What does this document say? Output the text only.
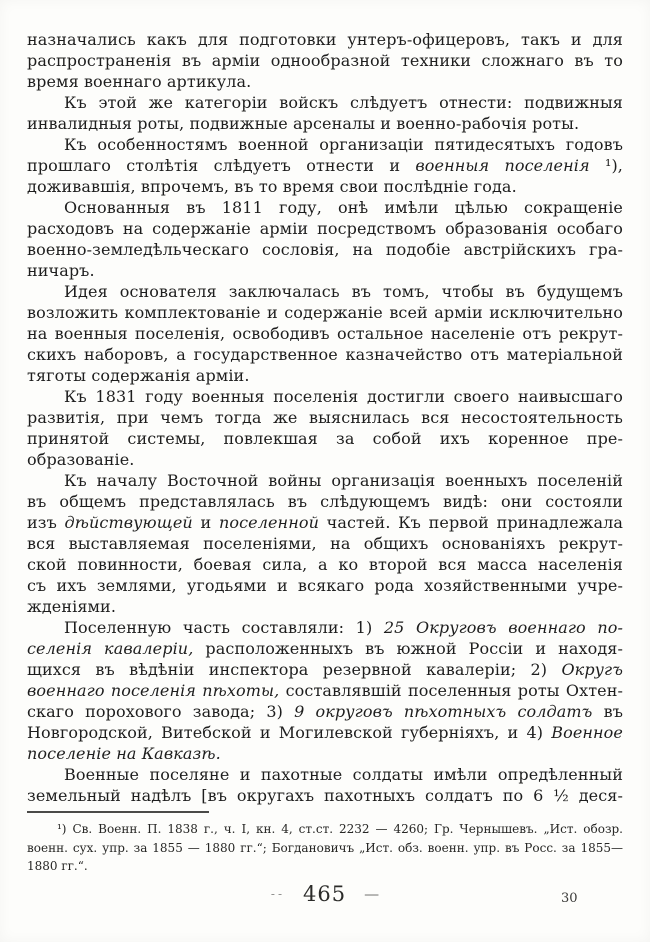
назначались какъ для подготовки унтеръ-офицеровъ, такъ и для
распространенія въ арміи однообразной техники сложнаго въ то
время военнаго артикула.
Къ этой же категоріи войскъ слѣдуетъ отнести: подвижныя
инвалидныя роты, подвижные арсеналы и военно-рабочія роты.
Къ особенностямъ военной организаціи пятидесятыхъ годовъ
прошлаго столѣтія слѣдуетъ отнести и военныя поселенія ¹),
доживавшія, впрочемъ, въ то время свои послѣдніе года.
Основанныя въ 1811 году, онѣ имѣли цѣлью сокращеніе
расходовъ на содержаніе арміи посредствомъ образованія особаго
военно-земледѣльческаго сословія, на подобіе австрійскихъ гра-
ничаръ.
Идея основателя заключалась въ томъ, чтобы въ будущемъ
возложить комплектованіе и содержаніе всей арміи исключительно
на военныя поселенія, освободивъ остальное населеніе отъ рекрут-
скихъ наборовъ, а государственное казначейство отъ матеріальной
тяготы содержанія арміи.
Къ 1831 году военныя поселенія достигли своего наивысшаго
развитія, при чемъ тогда же выяснилась вся несостоятельность
принятой системы, повлекшая за собой ихъ коренное пре-
образованіе.
Къ началу Восточной войны организація военныхъ поселеній
въ общемъ представлялась въ слѣдующемъ видѣ: они состояли
изъ дѣйствующей и поселенной частей. Къ первой принадлежала
вся выставляемая поселеніями, на общихъ основаніяхъ рекрут-
ской повинности, боевая сила, а ко второй вся масса населенія
съ ихъ землями, угодьями и всякаго рода хозяйственными учре-
жденіями.
Поселенную часть составляли: 1) 25 Округовъ военнаго по-
селенія кавалеріи, расположенныхъ въ южной Россіи и находя-
щихся въ вѣдѣніи инспектора резервной кавалеріи; 2) Округъ
военнаго поселенія пѣхоты, составлявшій поселенныя роты Охтен-
скаго порохового завода; 3) 9 округовъ пѣхотныхъ солдатъ въ
Новгородской, Витебской и Могилевской губерніяхъ, и 4) Военное
поселеніе на Кавказѣ.
Военные поселяне и пахотные солдаты имѣли опредѣленный
земельный надѣлъ [въ округахъ пахотныхъ солдатъ по 6 ½ деся-
¹) Св. Военн. П. 1838 г., ч. I, кн. 4, ст.ст. 2232 — 4260; Гр. Чернышевъ. „Ист. обозр.
военн. сух. упр. за 1855 — 1880 гг.“; Богдановичъ „Ист. обз. военн. упр. въ Росс. за 1855—
1880 гг.“.
-- 465 —	30
